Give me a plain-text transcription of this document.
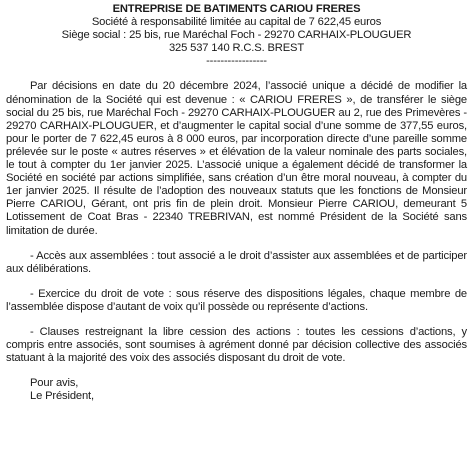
ENTREPRISE DE BATIMENTS CARIOU FRERES
Société à responsabilité limitée au capital de 7 622,45 euros
Siège social : 25 bis, rue Maréchal Foch - 29270 CARHAIX-PLOUGUER
325 537 140 R.C.S. BREST
-----------------

Par décisions en date du 20 décembre 2024, l’associé unique a décidé de modifier la dénomination de la Société qui est devenue : « CARIOU FRERES », de transférer le siège social du 25 bis, rue Maréchal Foch - 29270 CARHAIX-PLOUGUER au 2, rue des Primevères - 29270 CARHAIX-PLOUGUER, et d’augmenter le capital social d’une somme de 377,55 euros, pour le porter de 7 622,45 euros à 8 000 euros, par incorporation directe d’une pareille somme prélevée sur le poste « autres réserves » et élévation de la valeur nominale des parts sociales, le tout à compter du 1er janvier 2025. L’associé unique a également décidé de transformer la Société en société par actions simplifiée, sans création d’un être moral nouveau, à compter du 1er janvier 2025. Il résulte de l’adoption des nouveaux statuts que les fonctions de Monsieur Pierre CARIOU, Gérant, ont pris fin de plein droit. Monsieur Pierre CARIOU, demeurant 5 Lotissement de Coat Bras - 22340 TREBRIVAN, est nommé Président de la Société sans limitation de durée.

- Accès aux assemblées : tout associé a le droit d’assister aux assemblées et de participer aux délibérations.

- Exercice du droit de vote : sous réserve des dispositions légales, chaque membre de l’assemblée dispose d’autant de voix qu’il possède ou représente d’actions.

- Clauses restreignant la libre cession des actions : toutes les cessions d’actions, y compris entre associés, sont soumises à agrément donné par décision collective des associés statuant à la majorité des voix des associés disposant du droit de vote.

Pour avis,
Le Président,
